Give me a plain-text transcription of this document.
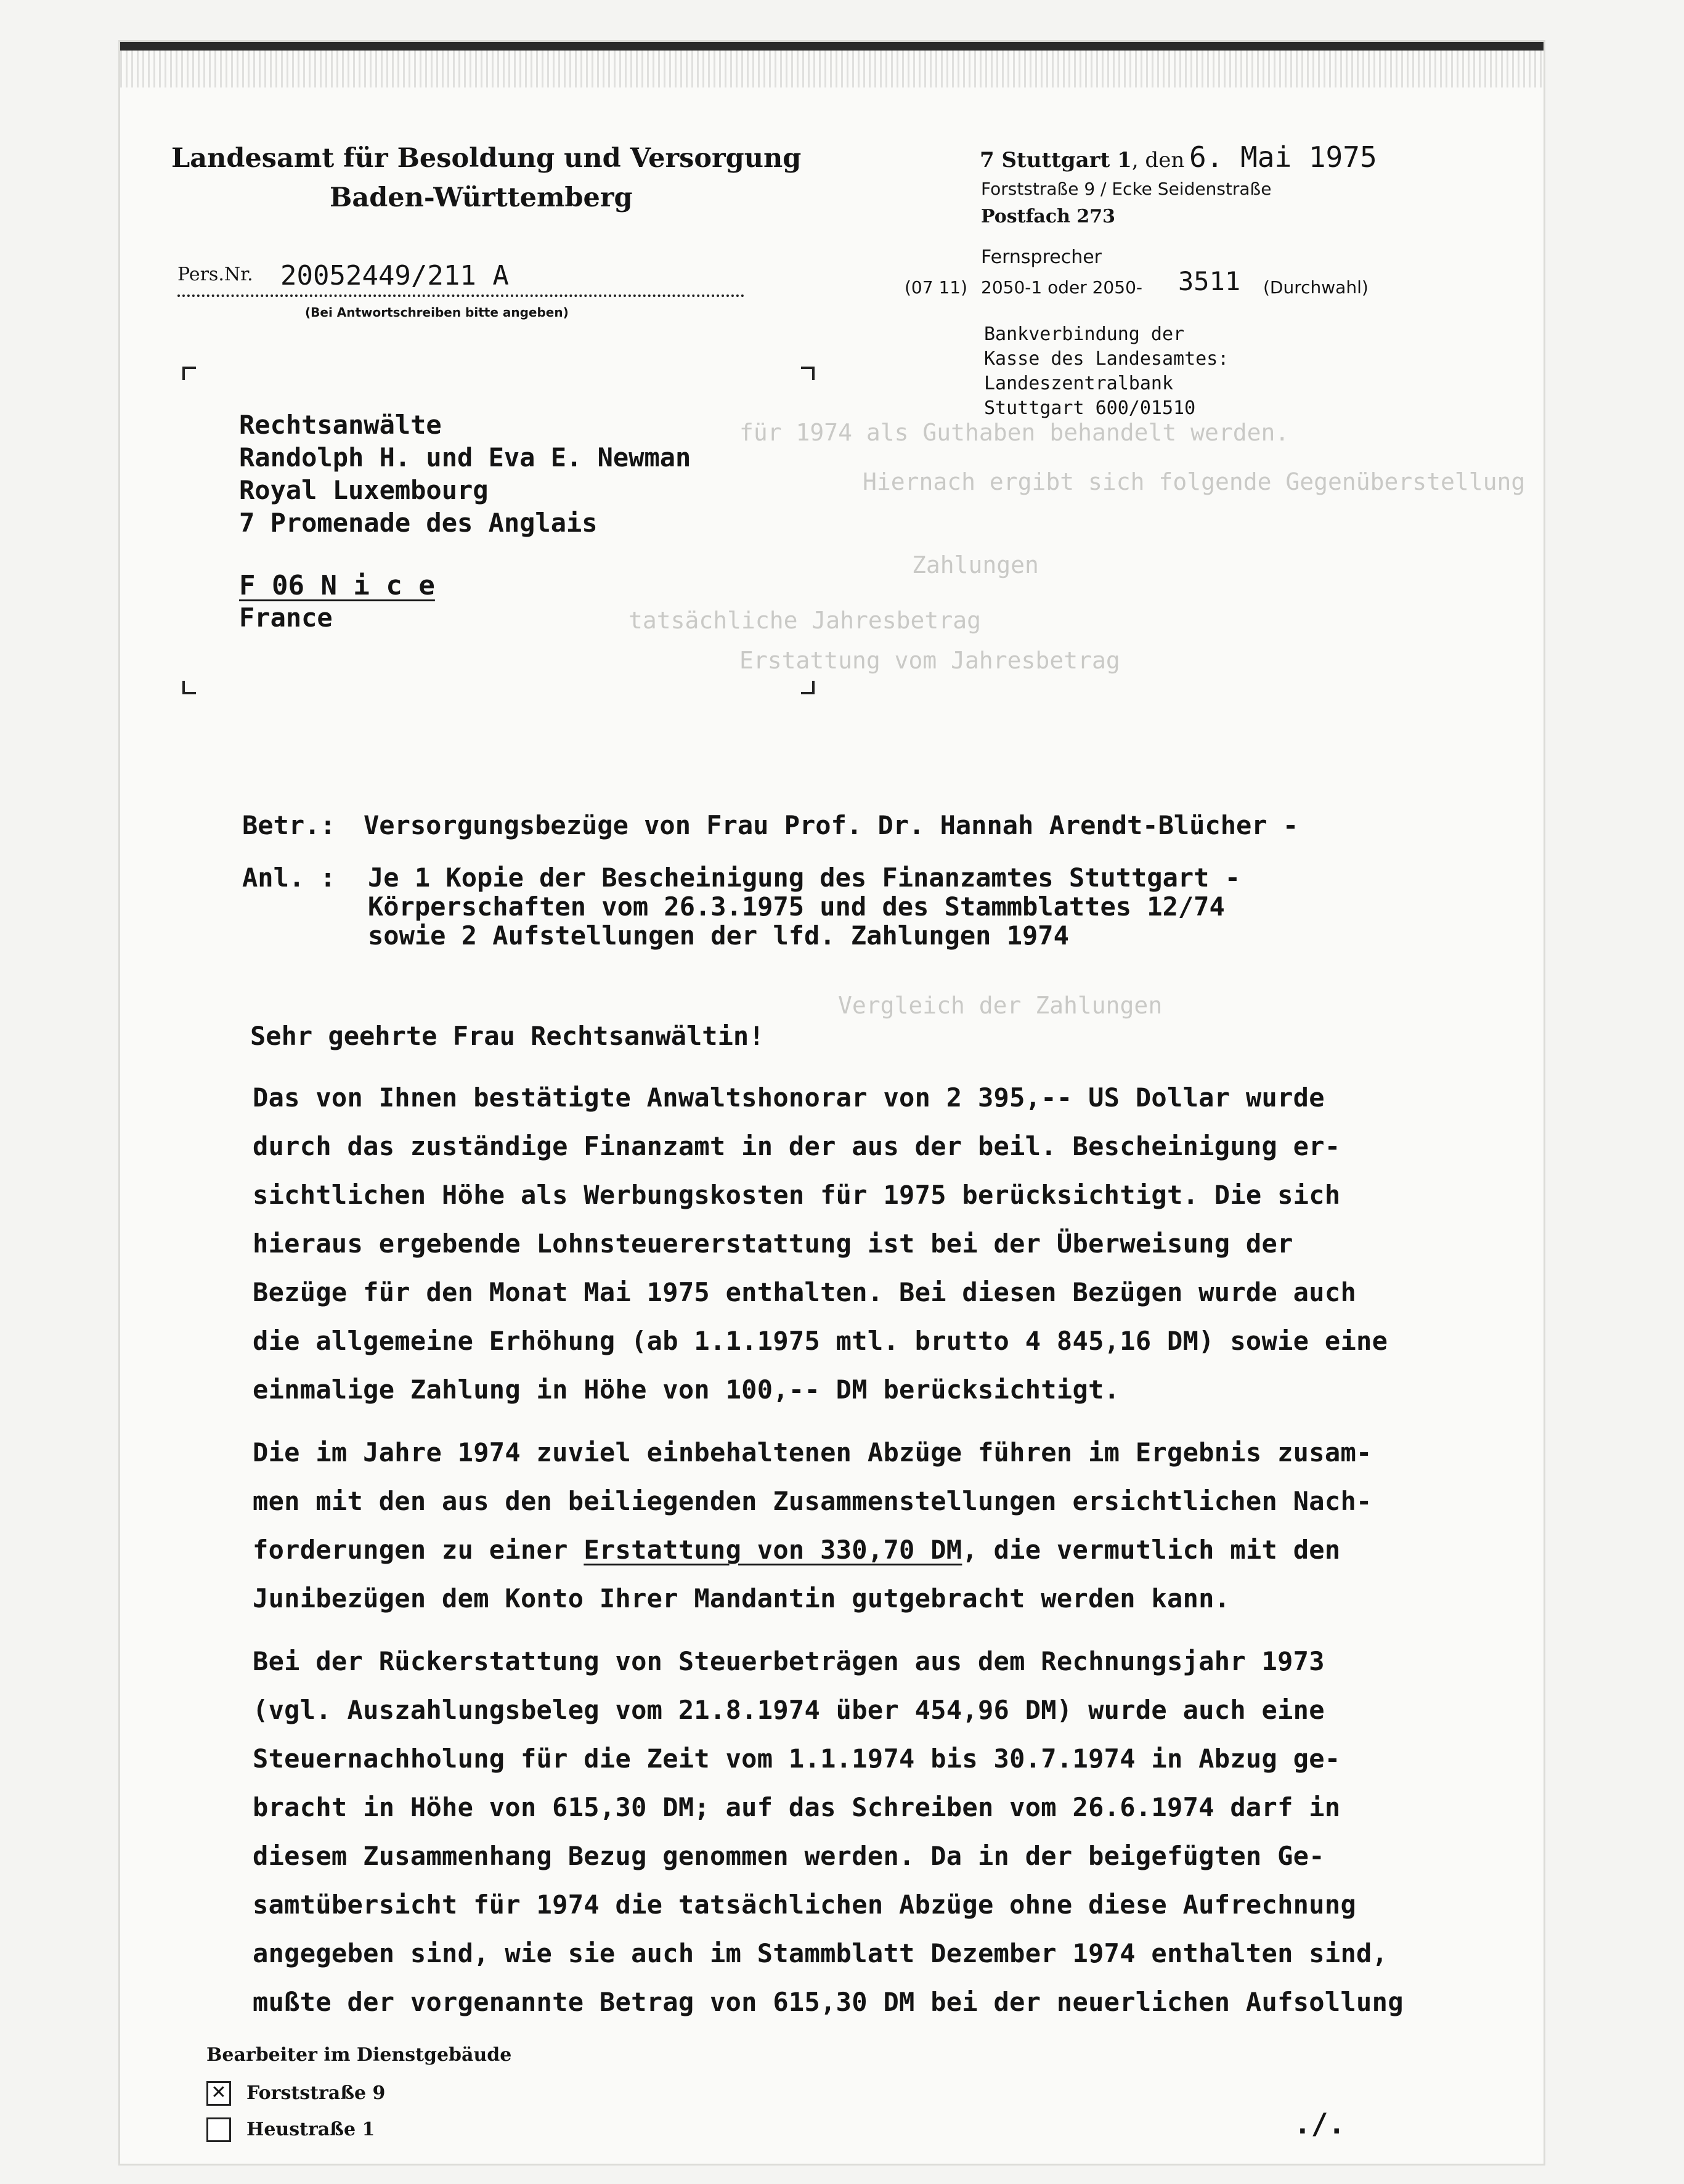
für 1974 als Guthaben behandelt werden.
Hiernach ergibt sich folgende Gegenüberstellung
Zahlungen
tatsächliche Jahresbetrag
Erstattung vom Jahresbetrag
Vergleich der Zahlungen
Landesamt für Besoldung und Versorgung
Baden-Württemberg
Pers.Nr. 20052449/211 A
(Bei Antwortschreiben bitte angeben)
7 Stuttgart 1, den 6. Mai 1975
Forststraße 9 / Ecke Seidenstraße
Postfach 273
Fernsprecher
(07 11) 2050-1 oder 2050- 3511 (Durchwahl)
Bankverbindung der
Kasse des Landesamtes:
Landeszentralbank
Stuttgart 600/01510
Rechtsanwälte
Randolph H. und Eva E. Newman
Royal Luxembourg
7 Promenade des Anglais
F 06 N i c e
France
Betr.: Versorgungsbezüge von Frau Prof. Dr. Hannah Arendt-Blücher -
Anl. : Je 1 Kopie der Bescheinigung des Finanzamtes Stuttgart -
Körperschaften vom 26.3.1975 und des Stammblattes 12/74
sowie 2 Aufstellungen der lfd. Zahlungen 1974
Sehr geehrte Frau Rechtsanwältin!
Das von Ihnen bestätigte Anwaltshonorar von 2 395,-- US Dollar wurde
durch das zuständige Finanzamt in der aus der beil. Bescheinigung er-
sichtlichen Höhe als Werbungskosten für 1975 berücksichtigt. Die sich
hieraus ergebende Lohnsteuererstattung ist bei der Überweisung der
Bezüge für den Monat Mai 1975 enthalten. Bei diesen Bezügen wurde auch
die allgemeine Erhöhung (ab 1.1.1975 mtl. brutto 4 845,16 DM) sowie eine
einmalige Zahlung in Höhe von 100,-- DM berücksichtigt.
Die im Jahre 1974 zuviel einbehaltenen Abzüge führen im Ergebnis zusam-
men mit den aus den beiliegenden Zusammenstellungen ersichtlichen Nach-
forderungen zu einer Erstattung von 330,70 DM, die vermutlich mit den
Junibezügen dem Konto Ihrer Mandantin gutgebracht werden kann.
Bei der Rückerstattung von Steuerbeträgen aus dem Rechnungsjahr 1973
(vgl. Auszahlungsbeleg vom 21.8.1974 über 454,96 DM) wurde auch eine
Steuernachholung für die Zeit vom 1.1.1974 bis 30.7.1974 in Abzug ge-
bracht in Höhe von 615,30 DM; auf das Schreiben vom 26.6.1974 darf in
diesem Zusammenhang Bezug genommen werden. Da in der beigefügten Ge-
samtübersicht für 1974 die tatsächlichen Abzüge ohne diese Aufrechnung
angegeben sind, wie sie auch im Stammblatt Dezember 1974 enthalten sind,
mußte der vorgenannte Betrag von 615,30 DM bei der neuerlichen Aufsollung
Bearbeiter im Dienstgebäude
✕ Forststraße 9
Heustraße 1	./.
